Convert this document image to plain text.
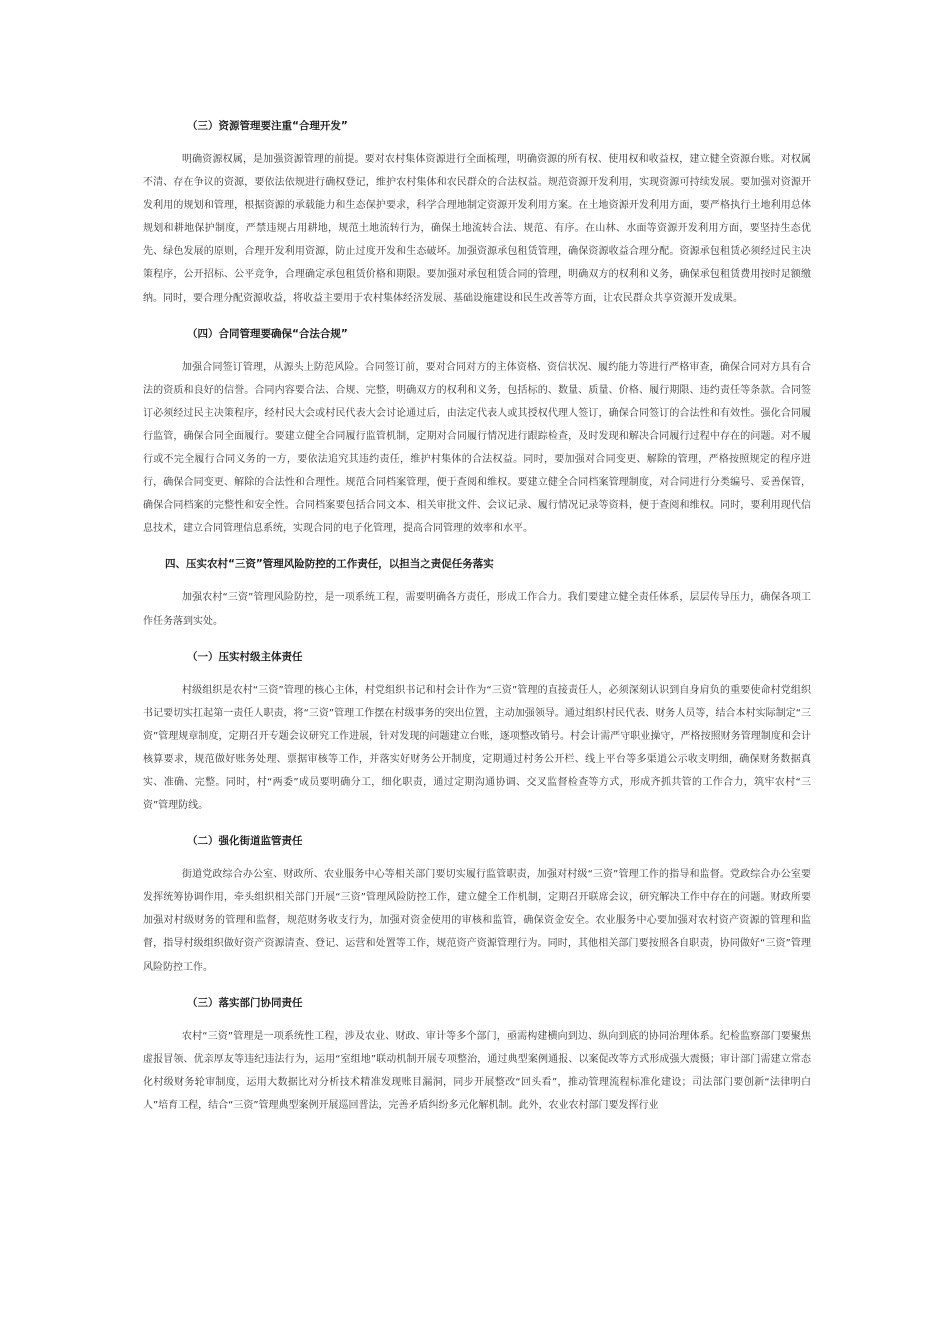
（三）资源管理要注重“合理开发”

明确资源权属，是加强资源管理的前提。要对农村集体资源进行全面梳理，明确资源的所有权、使用权和收益权，建立健全资源台账。对权属不清、存在争议的资源，要依法依规进行确权登记，维护农村集体和农民群众的合法权益。规范资源开发利用，实现资源可持续发展。要加强对资源开发利用的规划和管理，根据资源的承载能力和生态保护要求，科学合理地制定资源开发利用方案。在土地资源开发利用方面，要严格执行土地利用总体规划和耕地保护制度，严禁违规占用耕地，规范土地流转行为，确保土地流转合法、规范、有序。在山林、水面等资源开发利用方面，要坚持生态优先、绿色发展的原则，合理开发利用资源，防止过度开发和生态破坏。加强资源承包租赁管理，确保资源收益合理分配。资源承包租赁必须经过民主决策程序，公开招标、公平竞争，合理确定承包租赁价格和期限。要加强对承包租赁合同的管理，明确双方的权利和义务，确保承包租赁费用按时足额缴纳。同时，要合理分配资源收益，将收益主要用于农村集体经济发展、基础设施建设和民生改善等方面，让农民群众共享资源开发成果。

（四）合同管理要确保“合法合规”

加强合同签订管理，从源头上防范风险。合同签订前，要对合同对方的主体资格、资信状况、履约能力等进行严格审查，确保合同对方具有合法的资质和良好的信誉。合同内容要合法、合规、完整，明确双方的权利和义务，包括标的、数量、质量、价格、履行期限、违约责任等条款。合同签订必须经过民主决策程序，经村民大会或村民代表大会讨论通过后，由法定代表人或其授权代理人签订，确保合同签订的合法性和有效性。强化合同履行监管，确保合同全面履行。要建立健全合同履行监管机制，定期对合同履行情况进行跟踪检查，及时发现和解决合同履行过程中存在的问题。对不履行或不完全履行合同义务的一方，要依法追究其违约责任，维护村集体的合法权益。同时，要加强对合同变更、解除的管理，严格按照规定的程序进行，确保合同变更、解除的合法性和合理性。规范合同档案管理，便于查阅和维权。要建立健全合同档案管理制度，对合同进行分类编号、妥善保管，确保合同档案的完整性和安全性。合同档案要包括合同文本、相关审批文件、会议记录、履行情况记录等资料，便于查阅和维权。同时，要利用现代信息技术，建立合同管理信息系统，实现合同的电子化管理，提高合同管理的效率和水平。

四、压实农村“三资”管理风险防控的工作责任，以担当之责促任务落实

加强农村“三资”管理风险防控，是一项系统工程，需要明确各方责任，形成工作合力。我们要建立健全责任体系，层层传导压力，确保各项工作任务落到实处。

（一）压实村级主体责任

村级组织是农村“三资”管理的核心主体，村党组织书记和村会计作为“三资”管理的直接责任人，必须深刻认识到自身肩负的重要使命村党组织书记要切实扛起第一责任人职责，将“三资”管理工作摆在村级事务的突出位置，主动加强领导。通过组织村民代表、财务人员等，结合本村实际制定“三资”管理规章制度，定期召开专题会议研究工作进展，针对发现的问题建立台账，逐项整改销号。村会计需严守职业操守，严格按照财务管理制度和会计核算要求，规范做好账务处理、票据审核等工作，并落实好财务公开制度，定期通过村务公开栏、线上平台等多渠道公示收支明细，确保财务数据真实、准确、完整。同时，村“两委”成员要明确分工，细化职责，通过定期沟通协调、交叉监督检查等方式，形成齐抓共管的工作合力，筑牢农村“三资”管理防线。

（二）强化街道监管责任

街道党政综合办公室、财政所、农业服务中心等相关部门要切实履行监管职责，加强对村级“三资”管理工作的指导和监督。党政综合办公室要发挥统筹协调作用，牵头组织相关部门开展“三资”管理风险防控工作，建立健全工作机制，定期召开联席会议，研究解决工作中存在的问题。财政所要加强对村级财务的管理和监督，规范财务收支行为，加强对资金使用的审核和监管，确保资金安全。农业服务中心要加强对农村资产资源的管理和监督，指导村级组织做好资产资源清查、登记、运营和处置等工作，规范资产资源管理行为。同时，其他相关部门要按照各自职责，协同做好“三资”管理风险防控工作。

（三）落实部门协同责任

农村“三资”管理是一项系统性工程，涉及农业、财政、审计等多个部门，亟需构建横向到边、纵向到底的协同治理体系。纪检监察部门要聚焦虚报冒领、优亲厚友等违纪违法行为，运用“室组地”联动机制开展专项整治，通过典型案例通报、以案促改等方式形成强大震慑；审计部门需建立常态化村级财务轮审制度，运用大数据比对分析技术精准发现账目漏洞，同步开展整改“回头看”，推动管理流程标准化建设；司法部门要创新“法律明白人”培育工程，结合“三资”管理典型案例开展巡回普法，完善矛盾纠纷多元化解机制。此外，农业农村部门要发挥行业
